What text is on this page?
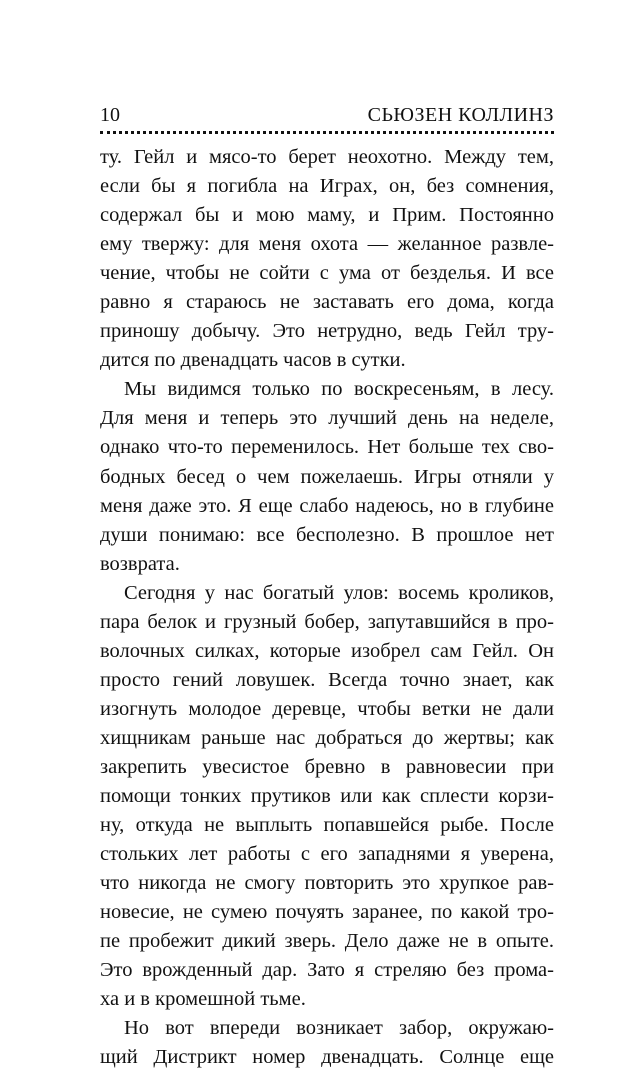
10	СЬЮЗЕН КОЛЛИНЗ
ту. Гейл и мясо-то берет неохотно. Между тем,
если бы я погибла на Играх, он, без сомнения,
содержал бы и мою маму, и Прим. Постоянно
ему твержу: для меня охота — желанное развле-
чение, чтобы не сойти с ума от безделья. И все
равно я стараюсь не заставать его дома, когда
приношу добычу. Это нетрудно, ведь Гейл тру-
дится по двенадцать часов в сутки.
Мы видимся только по воскресеньям, в лесу.
Для меня и теперь это лучший день на неделе,
однако что-то переменилось. Нет больше тех сво-
бодных бесед о чем пожелаешь. Игры отняли у
меня даже это. Я еще слабо надеюсь, но в глубине
души понимаю: все бесполезно. В прошлое нет
возврата.
Сегодня у нас богатый улов: восемь кроликов,
пара белок и грузный бобер, запутавшийся в про-
волочных силках, которые изобрел сам Гейл. Он
просто гений ловушек. Всегда точно знает, как
изогнуть молодое деревце, чтобы ветки не дали
хищникам раньше нас добраться до жертвы; как
закрепить увесистое бревно в равновесии при
помощи тонких прутиков или как сплести корзи-
ну, откуда не выплыть попавшейся рыбе. После
стольких лет работы с его западнями я уверена,
что никогда не смогу повторить это хрупкое рав-
новесие, не сумею почуять заранее, по какой тро-
пе пробежит дикий зверь. Дело даже не в опыте.
Это врожденный дар. Зато я стреляю без прома-
ха и в кромешной тьме.
Но вот впереди возникает забор, окружаю-
щий Дистрикт номер двенадцать. Солнце еще
